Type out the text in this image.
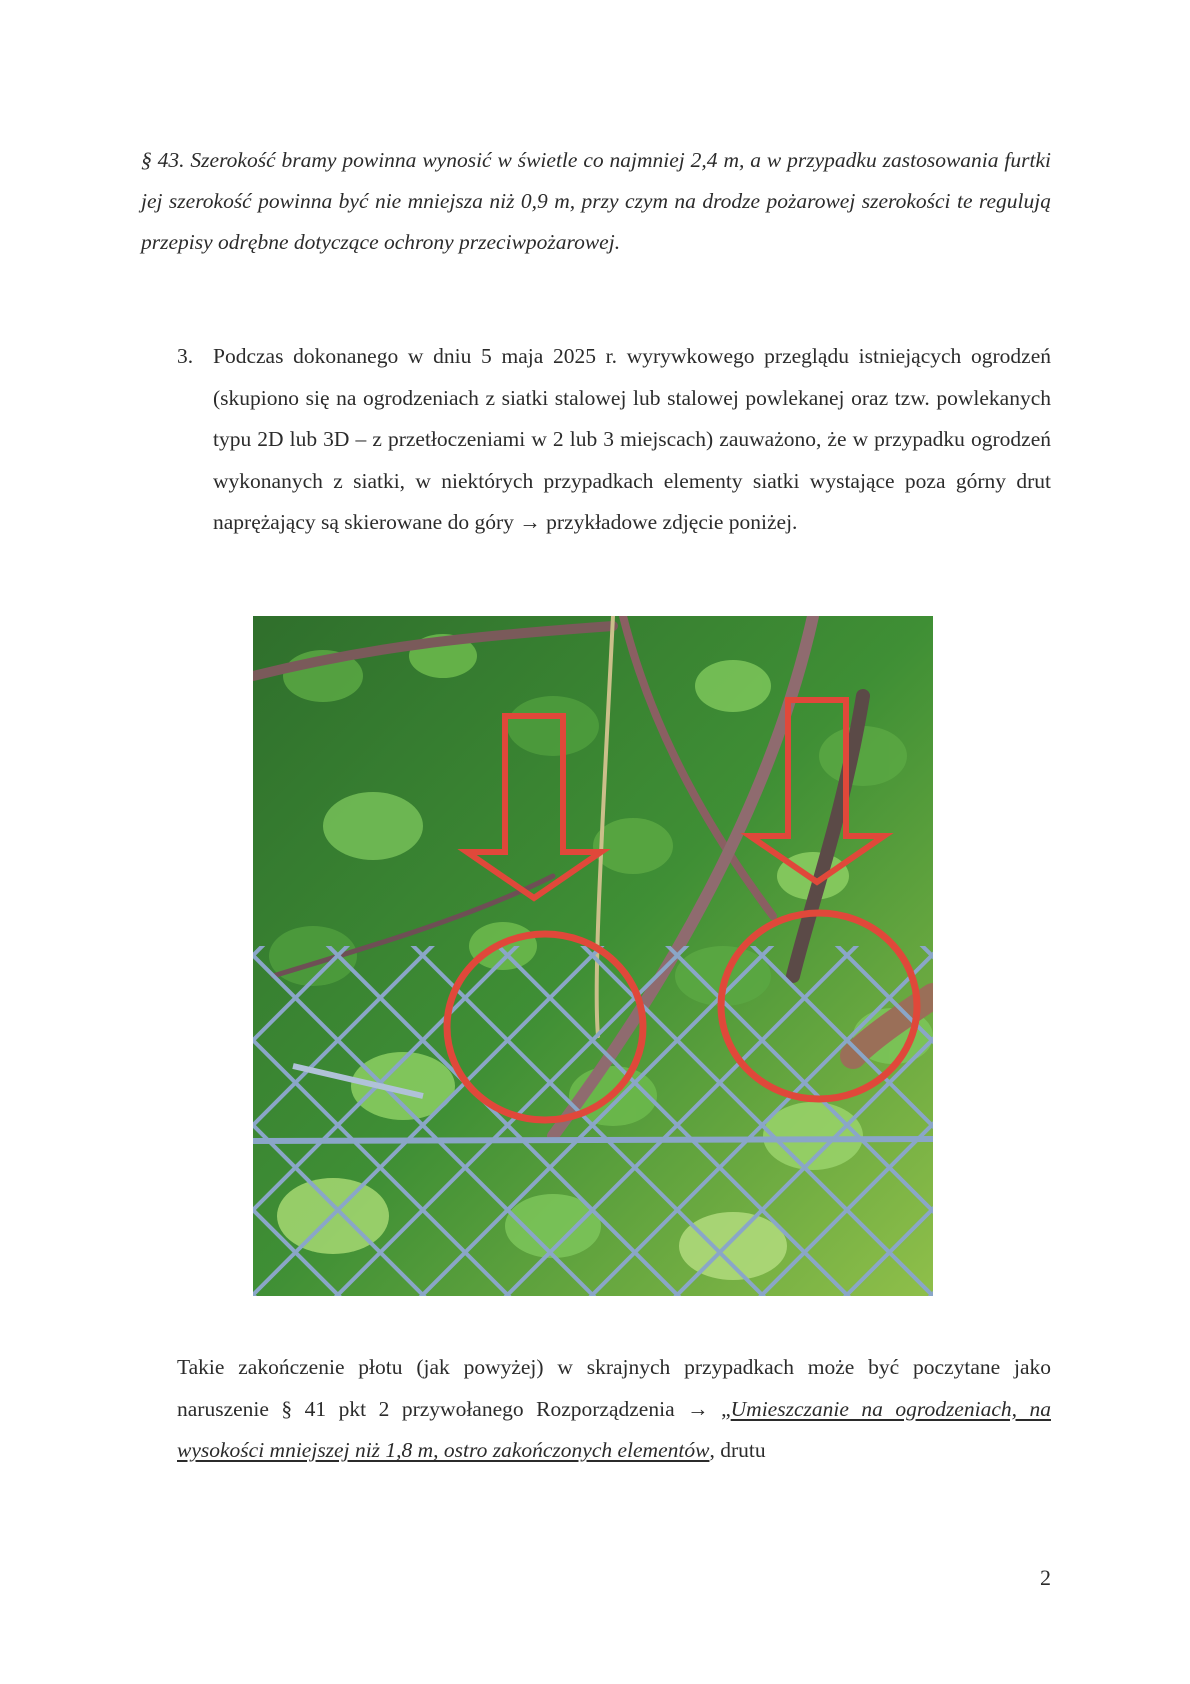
§ 43. Szerokość bramy powinna wynosić w świetle co najmniej 2,4 m, a w przypadku zastosowania furtki jej szerokość powinna być nie mniejsza niż 0,9 m, przy czym na drodze pożarowej szerokości te regulują przepisy odrębne dotyczące ochrony przeciwpożarowej.

3. Podczas dokonanego w dniu 5 maja 2025 r. wyrywkowego przeglądu istniejących ogrodzeń (skupiono się na ogrodzeniach z siatki stalowej lub stalowej powlekanej oraz tzw. powlekanych typu 2D lub 3D – z przetłoczeniami w 2 lub 3 miejscach) zauważono, że w przypadku ogrodzeń wykonanych z siatki, w niektórych przypadkach elementy siatki wystające poza górny drut naprężający są skierowane do góry → przykładowe zdjęcie poniżej.

Takie zakończenie płotu (jak powyżej) w skrajnych przypadkach może być poczytane jako naruszenie § 41 pkt 2 przywołanego Rozporządzenia → „Umieszczanie na ogrodzeniach, na wysokości mniejszej niż 1,8 m, ostro zakończonych elementów, drutu

2
